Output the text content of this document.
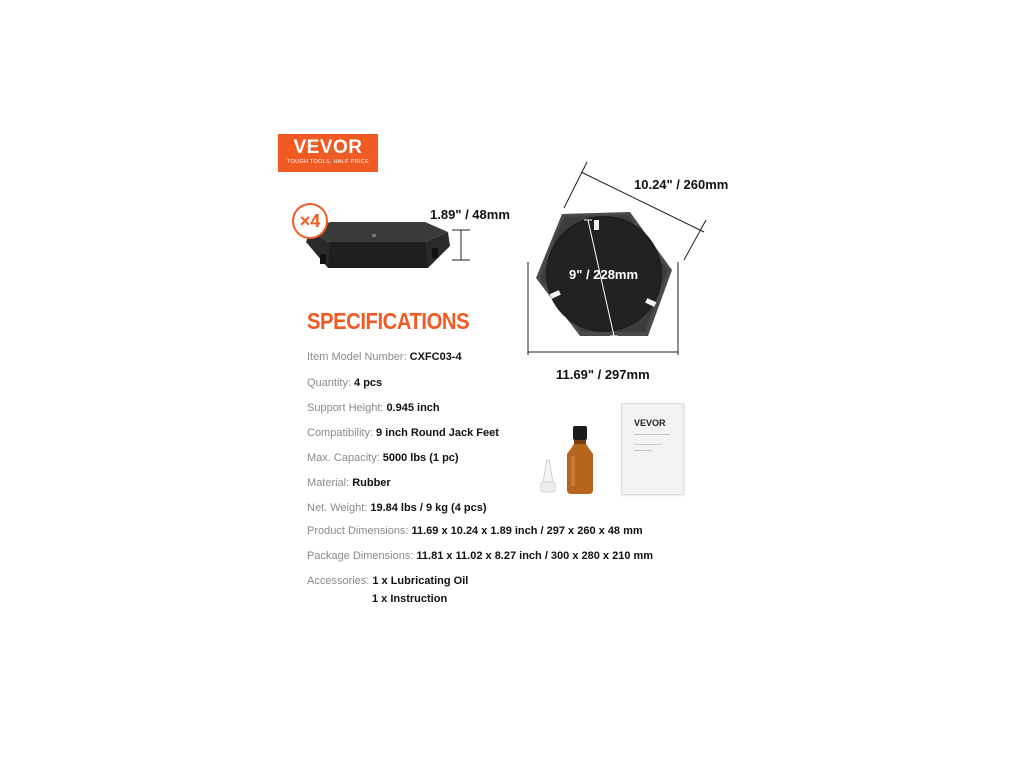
VEVOR
TOUGH TOOLS, HALF PRICE
×4	1.89" / 48mm
10.24" / 260mm
9" / 228mm
11.69" / 297mm
SPECIFICATIONS
Item Model Number: CXFC03-4
Quantity: 4 pcs
Support Height: 0.945 inch
Compatibility: 9 inch Round Jack Feet
Max. Capacity: 5000 lbs (1 pc)
Material: Rubber
Net. Weight: 19.84 lbs / 9 kg (4 pcs)
Product Dimensions: 11.69 x 10.24 x 1.89 inch / 297 x 260 x 48 mm
Package Dimensions: 11.81 x 11.02 x 8.27 inch / 300 x 280 x 210 mm
Accessories: 1 x Lubricating Oil
1 x Instruction
VEVOR
